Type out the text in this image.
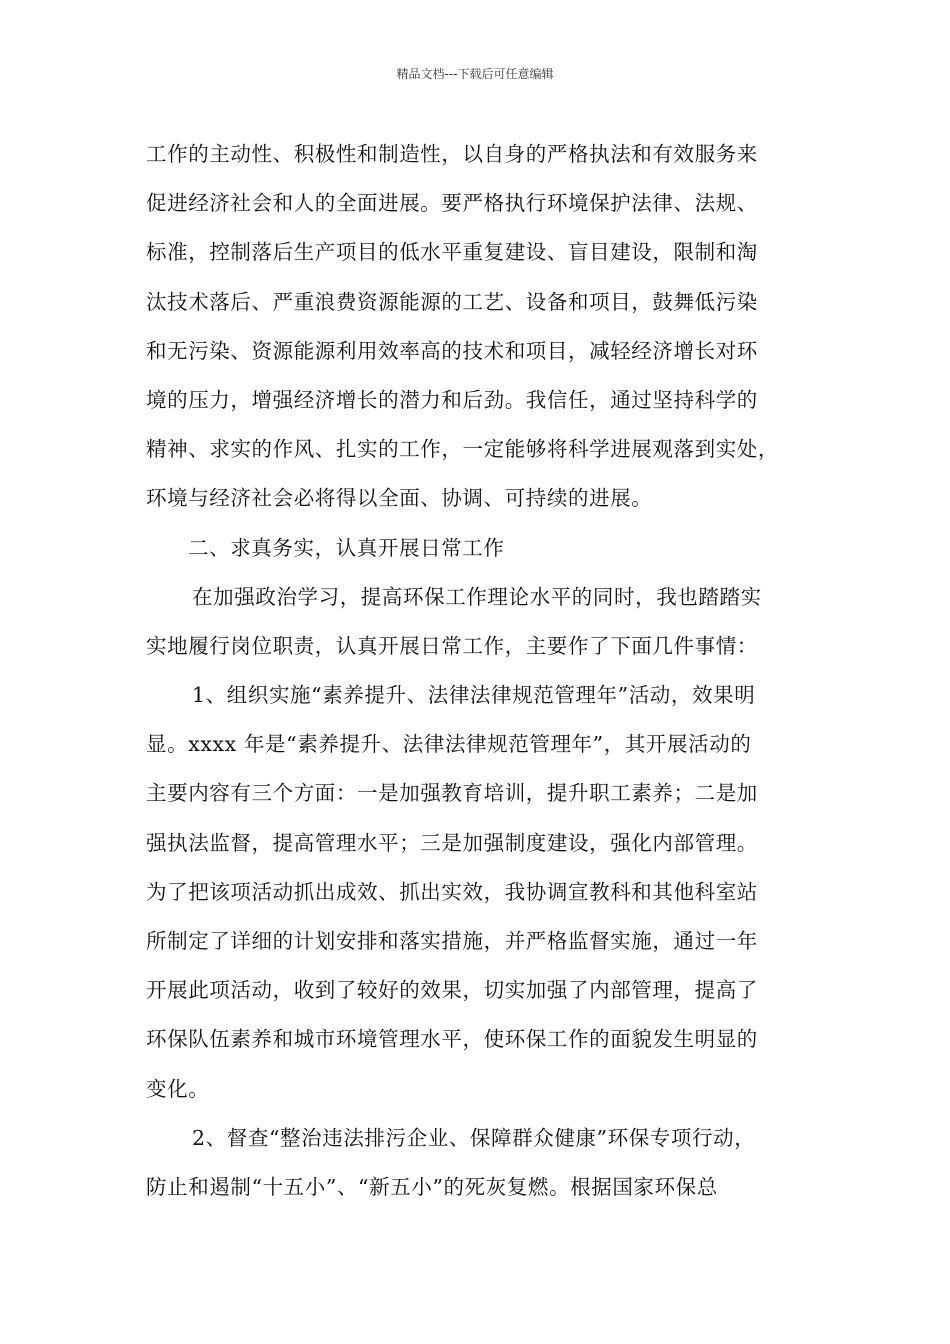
精品文档---下载后可任意编辑
工作的主动性、积极性和制造性，以自身的严格执法和有效服务来
促进经济社会和人的全面进展。要严格执行环境保护法律、法规、
标准，控制落后生产项目的低水平重复建设、盲目建设，限制和淘
汰技术落后、严重浪费资源能源的工艺、设备和项目，鼓舞低污染
和无污染、资源能源利用效率高的技术和项目，减轻经济增长对环
境的压力，增强经济增长的潜力和后劲。我信任，通过坚持科学的
精神、求实的作风、扎实的工作，一定能够将科学进展观落到实处，
环境与经济社会必将得以全面、协调、可持续的进展。
二、求真务实，认真开展日常工作
在加强政治学习，提高环保工作理论水平的同时，我也踏踏实
实地履行岗位职责，认真开展日常工作，主要作了下面几件事情：
1、组织实施“素养提升、法律法律规范管理年”活动，效果明
显。xxxx 年是“素养提升、法律法律规范管理年”，其开展活动的
主要内容有三个方面：一是加强教育培训，提升职工素养；二是加
强执法监督，提高管理水平；三是加强制度建设，强化内部管理。
为了把该项活动抓出成效、抓出实效，我协调宣教科和其他科室站
所制定了详细的计划安排和落实措施，并严格监督实施，通过一年
开展此项活动，收到了较好的效果，切实加强了内部管理，提高了
环保队伍素养和城市环境管理水平，使环保工作的面貌发生明显的
变化。
2、督查“整治违法排污企业、保障群众健康”环保专项行动，
防止和遏制“十五小”、“新五小”的死灰复燃。根据国家环保总
